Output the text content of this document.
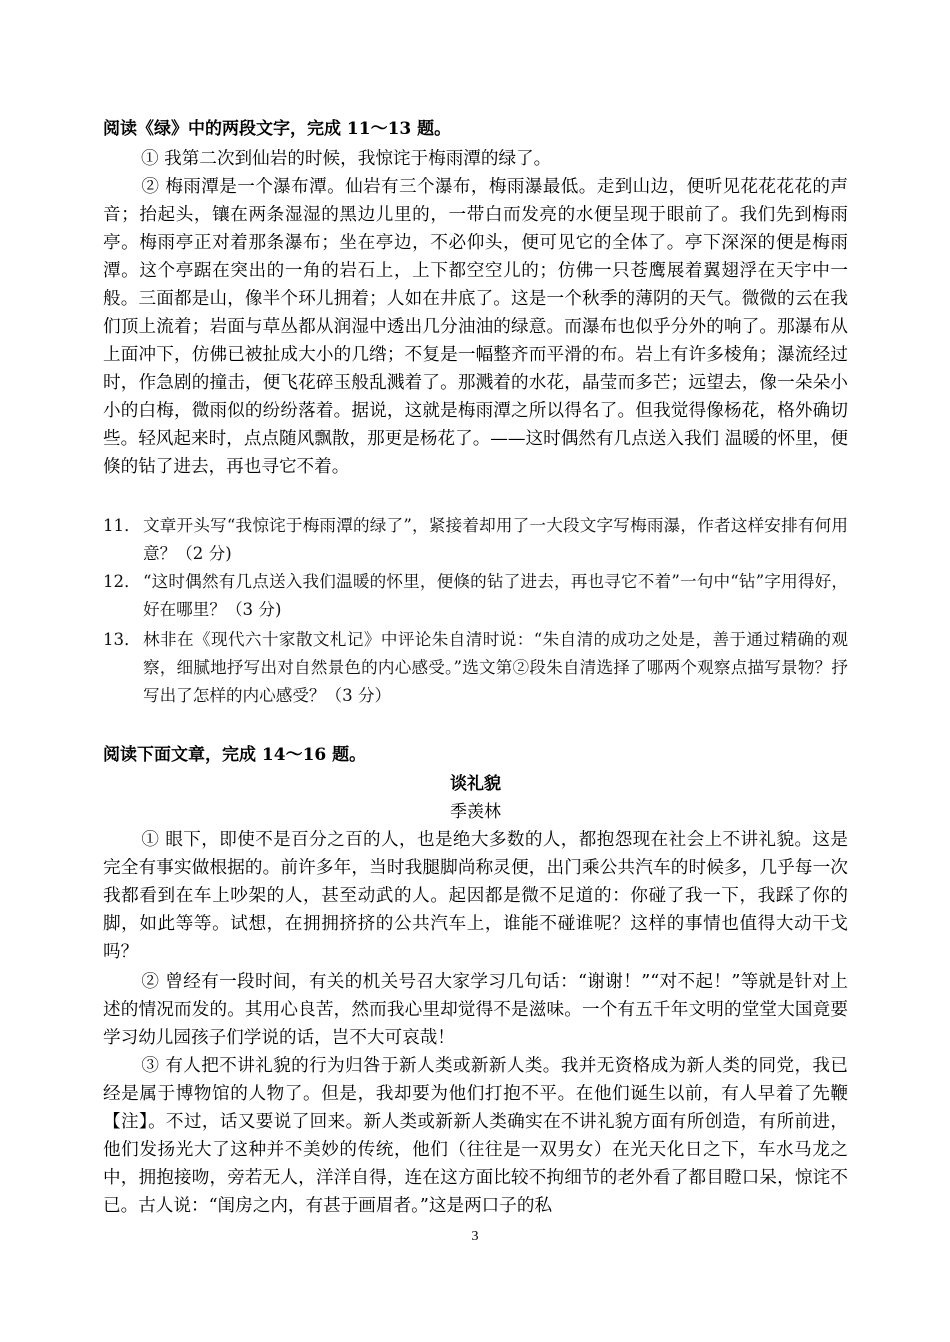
阅读《绿》中的两段文字，完成 11～13 题。

① 我第二次到仙岩的时候，我惊诧于梅雨潭的绿了。

② 梅雨潭是一个瀑布潭。仙岩有三个瀑布，梅雨瀑最低。走到山边，便听见花花花花的声音；抬起头，镶在两条湿湿的黑边儿里的，一带白而发亮的水便呈现于眼前了。我们先到梅雨亭。梅雨亭正对着那条瀑布；坐在亭边，不必仰头，便可见它的全体了。亭下深深的便是梅雨潭。这个亭踞在突出的一角的岩石上，上下都空空儿的；仿佛一只苍鹰展着翼翅浮在天宇中一般。三面都是山，像半个环儿拥着；人如在井底了。这是一个秋季的薄阴的天气。微微的云在我们顶上流着；岩面与草丛都从润湿中透出几分油油的绿意。而瀑布也似乎分外的响了。那瀑布从上面冲下，仿佛已被扯成大小的几绺；不复是一幅整齐而平滑的布。岩上有许多棱角；瀑流经过时，作急剧的撞击，便飞花碎玉般乱溅着了。那溅着的水花，晶莹而多芒；远望去，像一朵朵小小的白梅，微雨似的纷纷落着。据说，这就是梅雨潭之所以得名了。但我觉得像杨花，格外确切些。轻风起来时，点点随风飘散，那更是杨花了。——这时偶然有几点送入我们 温暖的怀里，便倏的钻了进去，再也寻它不着。

11． 文章开头写“我惊诧于梅雨潭的绿了”，紧接着却用了一大段文字写梅雨瀑，作者这样安排有何用意？（2 分)
12． “这时偶然有几点送入我们温暖的怀里，便倏的钻了进去，再也寻它不着”一句中“钻”字用得好，好在哪里？（3 分)
13． 林非在《现代六十家散文札记》中评论朱自清时说：“朱自清的成功之处是，善于通过精确的观察，细腻地抒写出对自然景色的内心感受。”选文第②段朱自清选择了哪两个观察点描写景物？抒写出了怎样的内心感受？（3 分）
阅读下面文章，完成 14～16 题。
谈礼貌
季羡林

① 眼下，即使不是百分之百的人，也是绝大多数的人，都抱怨现在社会上不讲礼貌。这是完全有事实做根据的。前许多年，当时我腿脚尚称灵便，出门乘公共汽车的时候多，几乎每一次我都看到在车上吵架的人，甚至动武的人。起因都是微不足道的：你碰了我一下，我踩了你的脚，如此等等。试想，在拥拥挤挤的公共汽车上，谁能不碰谁呢？这样的事情也值得大动干戈吗？

② 曾经有一段时间，有关的机关号召大家学习几句话：“谢谢！”“对不起！”等就是针对上述的情况而发的。其用心良苦，然而我心里却觉得不是滋味。一个有五千年文明的堂堂大国竟要学习幼儿园孩子们学说的话，岂不大可哀哉！

③ 有人把不讲礼貌的行为归咎于新人类或新新人类。我并无资格成为新人类的同党，我已经是属于博物馆的人物了。但是，我却要为他们打抱不平。在他们诞生以前，有人早着了先鞭【注】。不过，话又要说了回来。新人类或新新人类确实在不讲礼貌方面有所创造，有所前进，他们发扬光大了这种并不美妙的传统，他们（往往是一双男女）在光天化日之下，车水马龙之中，拥抱接吻，旁若无人，洋洋自得，连在这方面比较不拘细节的老外看了都目瞪口呆，惊诧不已。古人说：“闺房之内，有甚于画眉者。”这是两口子的私

3
